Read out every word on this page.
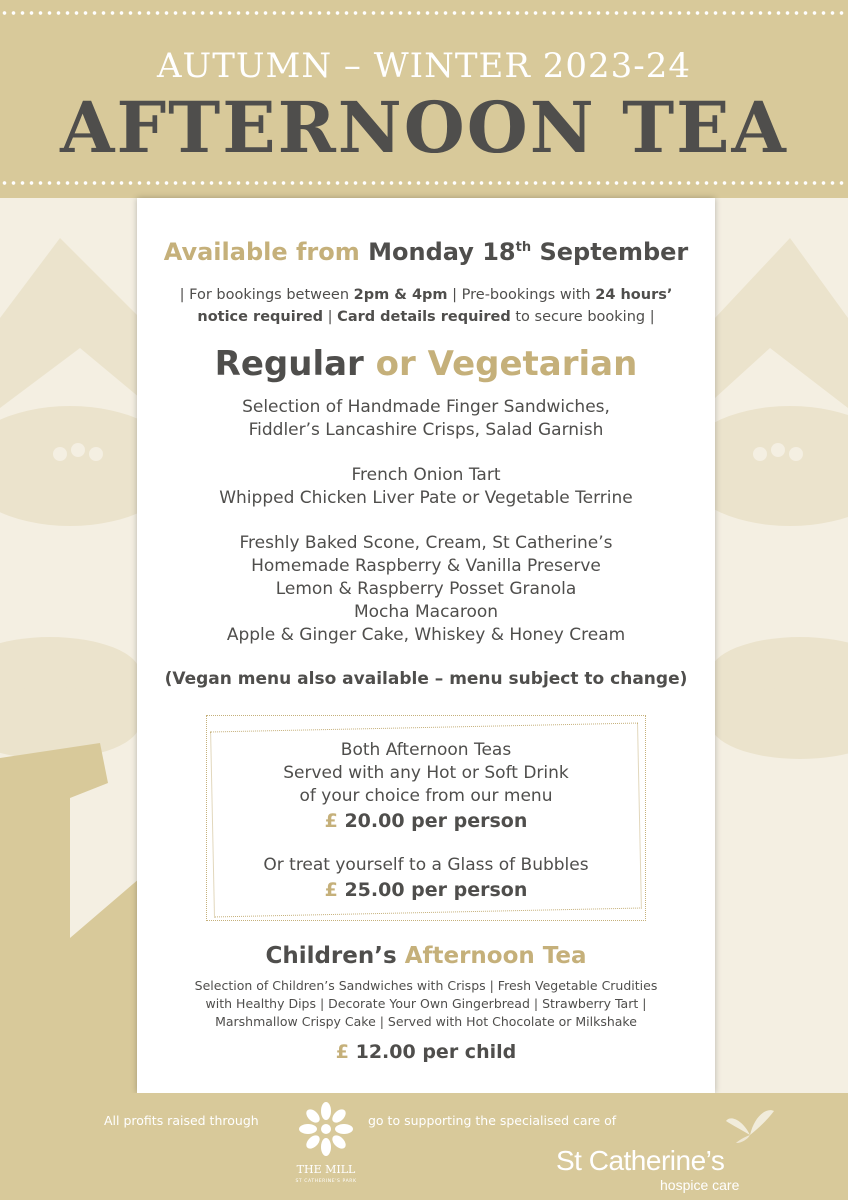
AUTUMN – WINTER 2023-24
AFTERNOON TEA
Available from Monday 18th September
| For bookings between 2pm & 4pm | Pre-bookings with 24 hours’ notice required | Card details required to secure booking |
Regular or Vegetarian
Selection of Handmade Finger Sandwiches,
Fiddler’s Lancashire Crisps, Salad Garnish
French Onion Tart
Whipped Chicken Liver Pate or Vegetable Terrine
Freshly Baked Scone, Cream, St Catherine’s
Homemade Raspberry & Vanilla Preserve
Lemon & Raspberry Posset Granola
Mocha Macaroon
Apple & Ginger Cake, Whiskey & Honey Cream
(Vegan menu also available – menu subject to change)
Both Afternoon Teas
Served with any Hot or Soft Drink
of your choice from our menu
£ 20.00 per person
Or treat yourself to a Glass of Bubbles
£ 25.00 per person
Children’s Afternoon Tea
Selection of Children’s Sandwiches with Crisps | Fresh Vegetable Crudities
with Healthy Dips | Decorate Your Own Gingerbread | Strawberry Tart |
Marshmallow Crispy Cake | Served with Hot Chocolate or Milkshake
£ 12.00 per child
All profits raised through
THE MILL
ST CATHERINE'S PARK
go to supporting the specialised care of
St Catherine’s
hospice care
